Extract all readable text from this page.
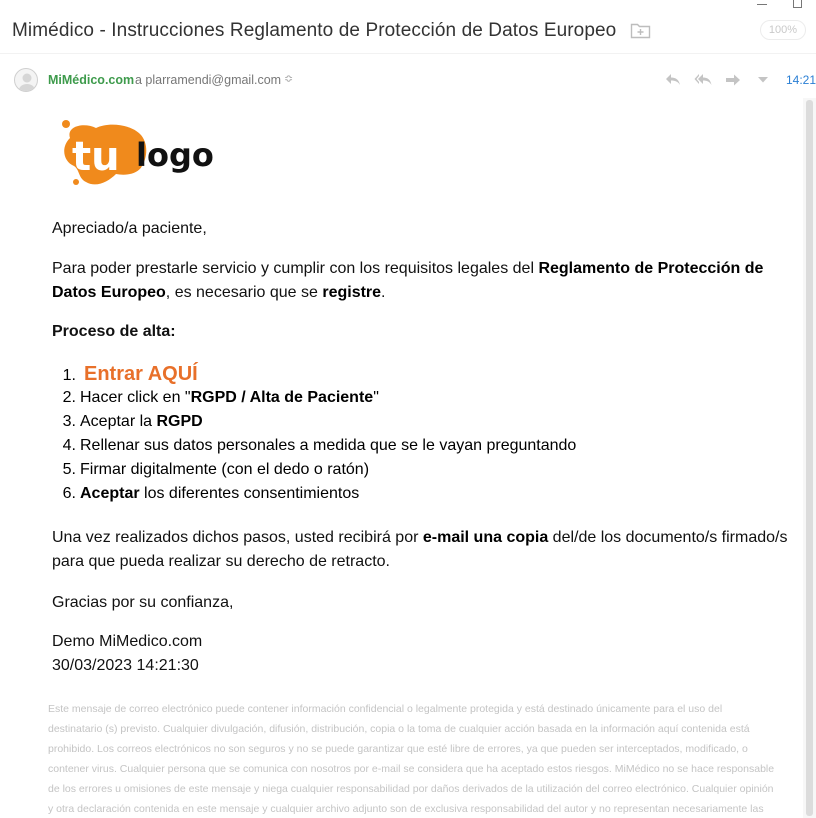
Mimédico - Instrucciones Reglamento de Protección de Datos Europeo	100%
MiMédico.com a plarramendi@gmail.com ≎	14:21
tu logo
Apreciado/a paciente,
Para poder prestarle servicio y cumplir con los requisitos legales del Reglamento de Protección de Datos Europeo, es necesario que se registre.
Proceso de alta:
1. Entrar AQUÍ
2. Hacer click en "RGPD / Alta de Paciente"
3. Aceptar la RGPD
4. Rellenar sus datos personales a medida que se le vayan preguntando
5. Firmar digitalmente (con el dedo o ratón)
6. Aceptar los diferentes consentimientos
Una vez realizados dichos pasos, usted recibirá por e-mail una copia del/de los documento/s firmado/s para que pueda realizar su derecho de retracto.
Gracias por su confianza,
Demo MiMedico.com
30/03/2023 14:21:30
Este mensaje de correo electrónico puede contener información confidencial o legalmente protegida y está destinado únicamente para el uso del destinatario (s) previsto. Cualquier divulgación, difusión, distribución, copia o la toma de cualquier acción basada en la información aquí contenida está prohibido. Los correos electrónicos no son seguros y no se puede garantizar que esté libre de errores, ya que pueden ser interceptados, modificado, o contener virus. Cualquier persona que se comunica con nosotros por e-mail se considera que ha aceptado estos riesgos. MiMédico no se hace responsable de los errores u omisiones de este mensaje y niega cualquier responsabilidad por daños derivados de la utilización del correo electrónico. Cualquier opinión y otra declaración contenida en este mensaje y cualquier archivo adjunto son de exclusiva responsabilidad del autor y no representan necesariamente las
